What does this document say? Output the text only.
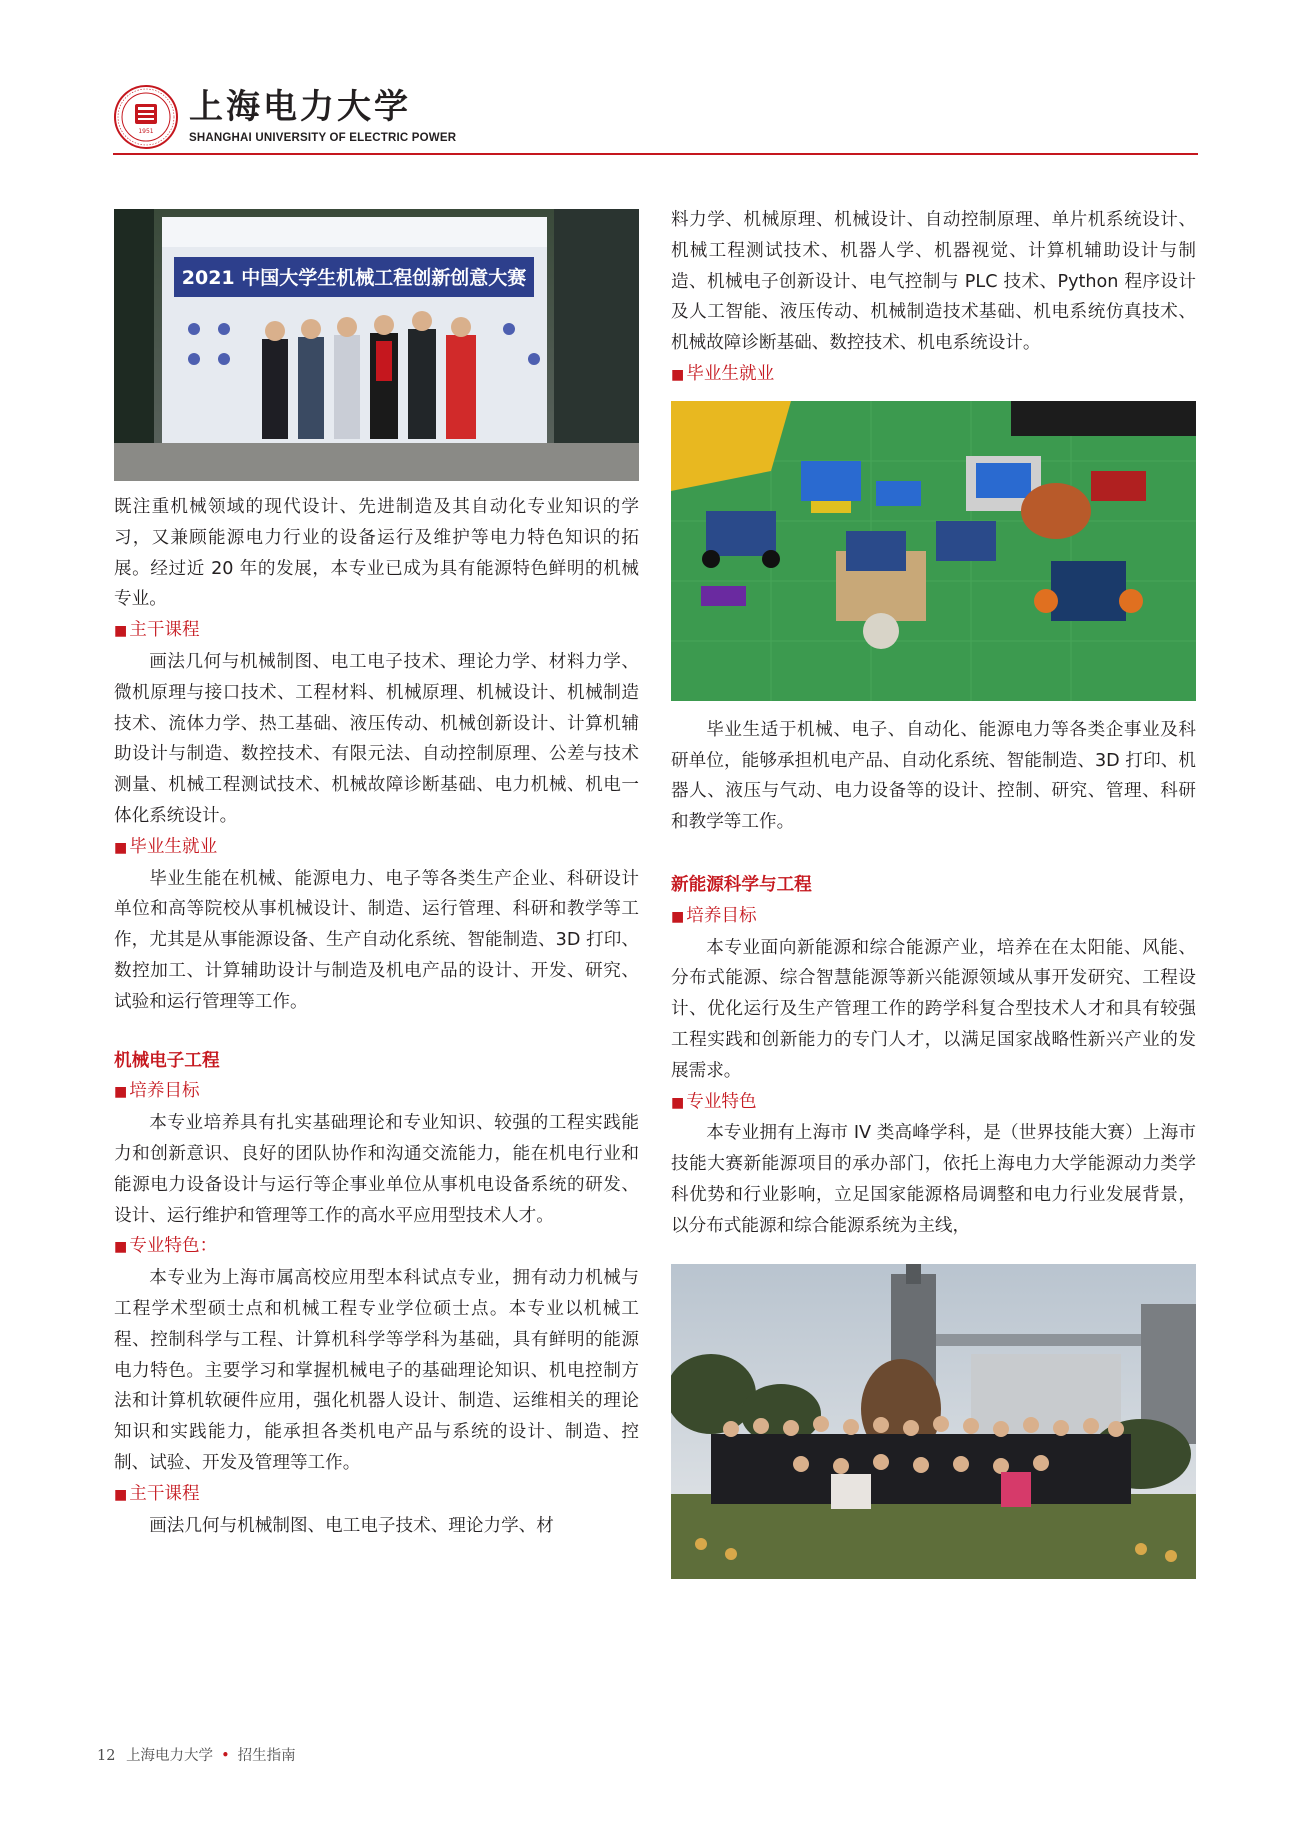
1951
上海电力大学
SHANGHAI UNIVERSITY OF ELECTRIC POWER
2021 中国大学生机械工程创新创意大赛

既注重机械领域的现代设计、先进制造及其自动化专业知识的学习，又兼顾能源电力行业的设备运行及维护等电力特色知识的拓展。经过近 20 年的发展，本专业已成为具有能源特色鲜明的机械专业。

■ 主干课程

画法几何与机械制图、电工电子技术、理论力学、材料力学、微机原理与接口技术、工程材料、机械原理、机械设计、机械制造技术、流体力学、热工基础、液压传动、机械创新设计、计算机辅助设计与制造、数控技术、有限元法、自动控制原理、公差与技术测量、机械工程测试技术、机械故障诊断基础、电力机械、机电一体化系统设计。

■ 毕业生就业

毕业生能在机械、能源电力、电子等各类生产企业、科研设计单位和高等院校从事机械设计、制造、运行管理、科研和教学等工作，尤其是从事能源设备、生产自动化系统、智能制造、3D 打印、数控加工、计算辅助设计与制造及机电产品的设计、开发、研究、试验和运行管理等工作。

机械电子工程

■ 培养目标

本专业培养具有扎实基础理论和专业知识、较强的工程实践能力和创新意识、良好的团队协作和沟通交流能力，能在机电行业和能源电力设备设计与运行等企事业单位从事机电设备系统的研发、设计、运行维护和管理等工作的高水平应用型技术人才。

■ 专业特色：

本专业为上海市属高校应用型本科试点专业，拥有动力机械与工程学术型硕士点和机械工程专业学位硕士点。本专业以机械工程、控制科学与工程、计算机科学等学科为基础，具有鲜明的能源电力特色。主要学习和掌握机械电子的基础理论知识、机电控制方法和计算机软硬件应用，强化机器人设计、制造、运维相关的理论知识和实践能力，能承担各类机电产品与系统的设计、制造、控制、试验、开发及管理等工作。

■ 主干课程

画法几何与机械制图、电工电子技术、理论力学、材

料力学、机械原理、机械设计、自动控制原理、单片机系统设计、机械工程测试技术、机器人学、机器视觉、计算机辅助设计与制造、机械电子创新设计、电气控制与 PLC 技术、Python 程序设计及人工智能、液压传动、机械制造技术基础、机电系统仿真技术、机械故障诊断基础、数控技术、机电系统设计。

■ 毕业生就业

毕业生适于机械、电子、自动化、能源电力等各类企事业及科研单位，能够承担机电产品、自动化系统、智能制造、3D 打印、机器人、液压与气动、电力设备等的设计、控制、研究、管理、科研和教学等工作。

新能源科学与工程

■ 培养目标

本专业面向新能源和综合能源产业，培养在在太阳能、风能、分布式能源、综合智慧能源等新兴能源领域从事开发研究、工程设计、优化运行及生产管理工作的跨学科复合型技术人才和具有较强工程实践和创新能力的专门人才，以满足国家战略性新兴产业的发展需求。

■ 专业特色

本专业拥有上海市 IV 类高峰学科，是（世界技能大赛）上海市技能大赛新能源项目的承办部门，依托上海电力大学能源动力类学科优势和行业影响，立足国家能源格局调整和电力行业发展背景，以分布式能源和综合能源系统为主线，

12 上海电力大学 • 招生指南
